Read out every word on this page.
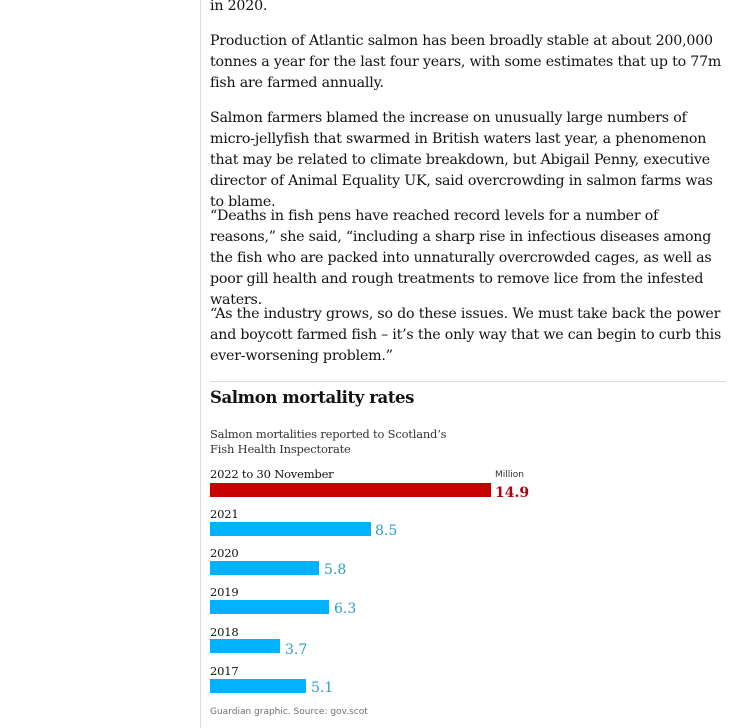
in 2020.

Production of Atlantic salmon has been broadly stable at about 200,000 tonnes a year for the last four years, with some estimates that up to 77m fish are farmed annually.

Salmon farmers blamed the increase on unusually large numbers of micro-jellyfish that swarmed in British waters last year, a phenomenon that may be related to climate breakdown, but Abigail Penny, executive director of Animal Equality UK, said overcrowding in salmon farms was to blame.

“Deaths in fish pens have reached record levels for a number of reasons,” she said, “including a sharp rise in infectious diseases among the fish who are packed into unnaturally overcrowded cages, as well as poor gill health and rough treatments to remove lice from the infested waters.

“As the industry grows, so do these issues. We must take back the power and boycott farmed fish – it’s the only way that we can begin to curb this ever-worsening problem.”

Salmon mortality rates
Salmon mortalities reported to Scotland’s Fish Health Inspectorate
Million
2022 to 30 November
14.9
2021
8.5
2020
5.8
2019
6.3
2018
3.7
2017
5.1
Guardian graphic. Source: gov.scot
